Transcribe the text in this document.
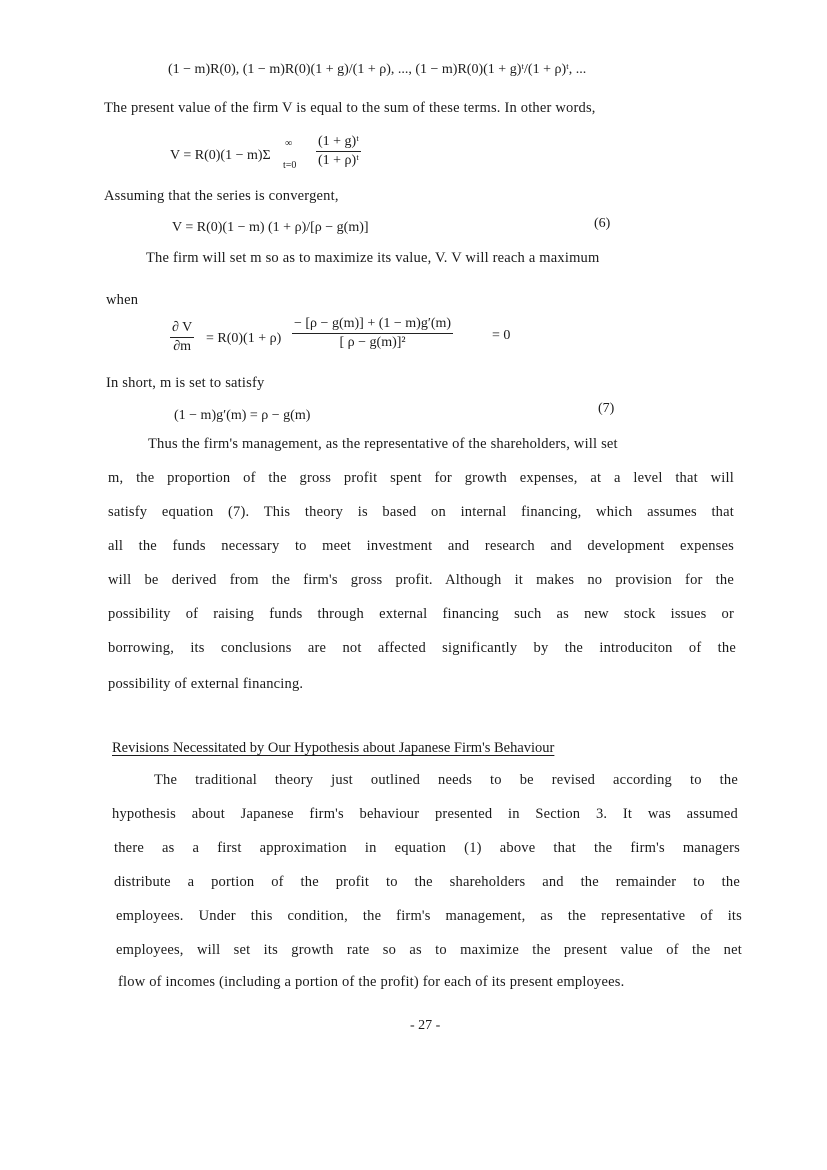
(1 − m)R(0), (1 − m)R(0)(1 + g)/(1 + ρ), ..., (1 − m)R(0)(1 + g)ᵗ/(1 + ρ)ᵗ, ...
The present value of the firm V is equal to the sum of these terms. In other words,
V = R(0)(1 − m)Σ
∞
$t=0 \frac{\text{(1 + g)ᵗ}}{\text{(1 + ρ)ᵗ}}$
Assuming that the series is convergent,
V = R(0)(1 − m) (1 + ρ)/[ρ − g(m)]	(6)
The firm will set m so as to maximize its value, V. V will reach a maximum
when
$\frac{\partial V}{\partial m} = R(0)(1 + \rho) \frac{- [\rho - g(m)] + (1 - m)g'(m)}{\text{[ ρ − g(m)]²}}$	= 0
In short, m is set to satisfy
(1 − m)g′(m) = ρ − g(m)	(7)
Thus the firm's management, as the representative of the shareholders, will set
m, the proportion of the gross profit spent for growth expenses, at a level that will
satisfy equation (7). This theory is based on internal financing, which assumes that
all the funds necessary to meet investment and research and development expenses
will be derived from the firm's gross profit. Although it makes no provision for the
possibility of raising funds through external financing such as new stock issues or
borrowing, its conclusions are not affected significantly by the introduciton of the
possibility of external financing.
Revisions Necessitated by Our Hypothesis about Japanese Firm's Behaviour
The traditional theory just outlined needs to be revised according to the
hypothesis about Japanese firm's behaviour presented in Section 3. It was assumed
there as a first approximation in equation (1) above that the firm's managers
distribute a portion of the profit to the shareholders and the remainder to the
employees. Under this condition, the firm's management, as the representative of its
employees, will set its growth rate so as to maximize the present value of the net
flow of incomes (including a portion of the profit) for each of its present employees.
- 27 -
